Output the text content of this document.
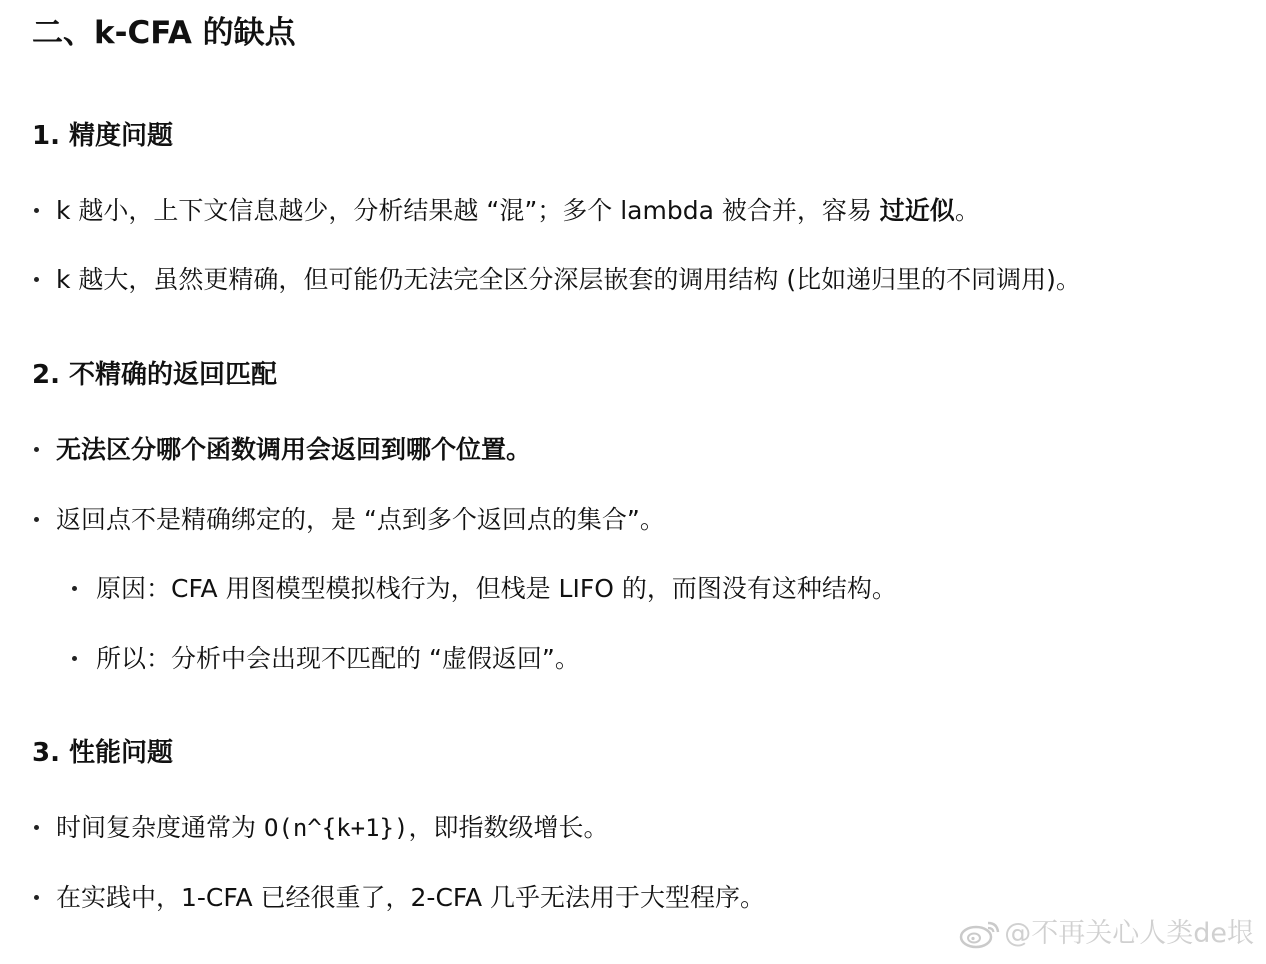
二、k-CFA 的缺点
1. 精度问题
k 越小，上下文信息越少，分析结果越 “混”；多个 lambda 被合并，容易 过近似。
k 越大，虽然更精确，但可能仍无法完全区分深层嵌套的调用结构 (比如递归里的不同调用)。
2. 不精确的返回匹配
无法区分哪个函数调用会返回到哪个位置。
返回点不是精确绑定的，是 “点到多个返回点的集合”。
原因：CFA 用图模型模拟栈行为，但栈是 LIFO 的，而图没有这种结构。
所以：分析中会出现不匹配的 “虚假返回”。
3. 性能问题
时间复杂度通常为 O(n^{k+1})，即指数级增长。
在实践中，1-CFA 已经很重了，2-CFA 几乎无法用于大型程序。
@不再关心人类de垠
